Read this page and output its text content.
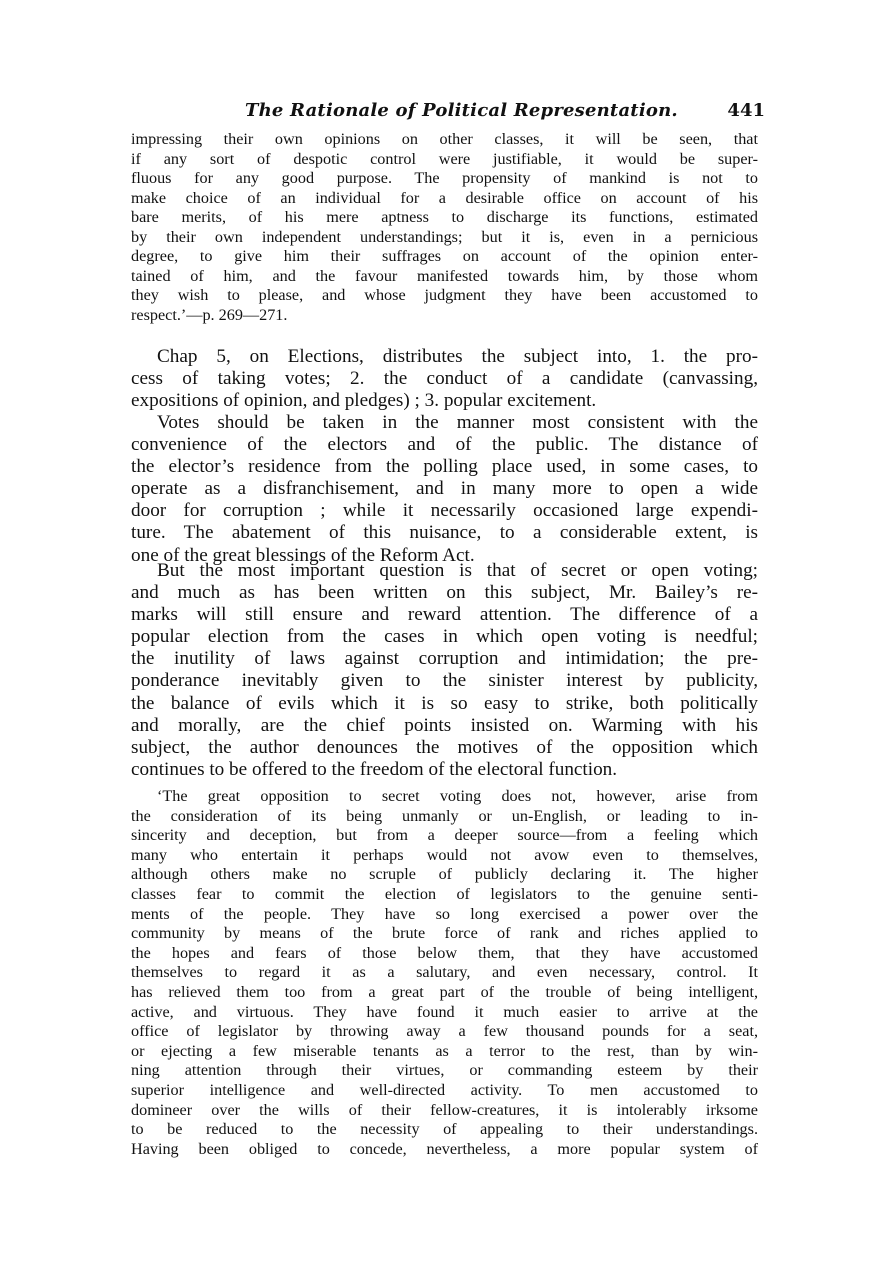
The Rationale of Political Representation.	441
impressing their own opinions on other classes, it will be seen, that
if any sort of despotic control were justifiable, it would be super-
fluous for any good purpose. The propensity of mankind is not to
make choice of an individual for a desirable office on account of his
bare merits, of his mere aptness to discharge its functions, estimated
by their own independent understandings; but it is, even in a pernicious
degree, to give him their suffrages on account of the opinion enter-
tained of him, and the favour manifested towards him, by those whom
they wish to please, and whose judgment they have been accustomed to
respect.’—p. 269—271.
Chap 5, on Elections, distributes the subject into, 1. the pro-
cess of taking votes; 2. the conduct of a candidate (canvassing,
expositions of opinion, and pledges) ; 3. popular excitement.
Votes should be taken in the manner most consistent with the
convenience of the electors and of the public. The distance of
the elector’s residence from the polling place used, in some cases, to
operate as a disfranchisement, and in many more to open a wide
door for corruption ; while it necessarily occasioned large expendi-
ture. The abatement of this nuisance, to a considerable extent, is
one of the great blessings of the Reform Act.
But the most important question is that of secret or open voting;
and much as has been written on this subject, Mr. Bailey’s re-
marks will still ensure and reward attention. The difference of a
popular election from the cases in which open voting is needful;
the inutility of laws against corruption and intimidation; the pre-
ponderance inevitably given to the sinister interest by publicity,
the balance of evils which it is so easy to strike, both politically
and morally, are the chief points insisted on. Warming with his
subject, the author denounces the motives of the opposition which
continues to be offered to the freedom of the electoral function.
‘The great opposition to secret voting does not, however, arise from
the consideration of its being unmanly or un-English, or leading to in-
sincerity and deception, but from a deeper source—from a feeling which
many who entertain it perhaps would not avow even to themselves,
although others make no scruple of publicly declaring it. The higher
classes fear to commit the election of legislators to the genuine senti-
ments of the people. They have so long exercised a power over the
community by means of the brute force of rank and riches applied to
the hopes and fears of those below them, that they have accustomed
themselves to regard it as a salutary, and even necessary, control. It
has relieved them too from a great part of the trouble of being intelligent,
active, and virtuous. They have found it much easier to arrive at the
office of legislator by throwing away a few thousand pounds for a seat,
or ejecting a few miserable tenants as a terror to the rest, than by win-
ning attention through their virtues, or commanding esteem by their
superior intelligence and well-directed activity. To men accustomed to
domineer over the wills of their fellow-creatures, it is intolerably irksome
to be reduced to the necessity of appealing to their understandings.
Having been obliged to concede, nevertheless, a more popular system of
